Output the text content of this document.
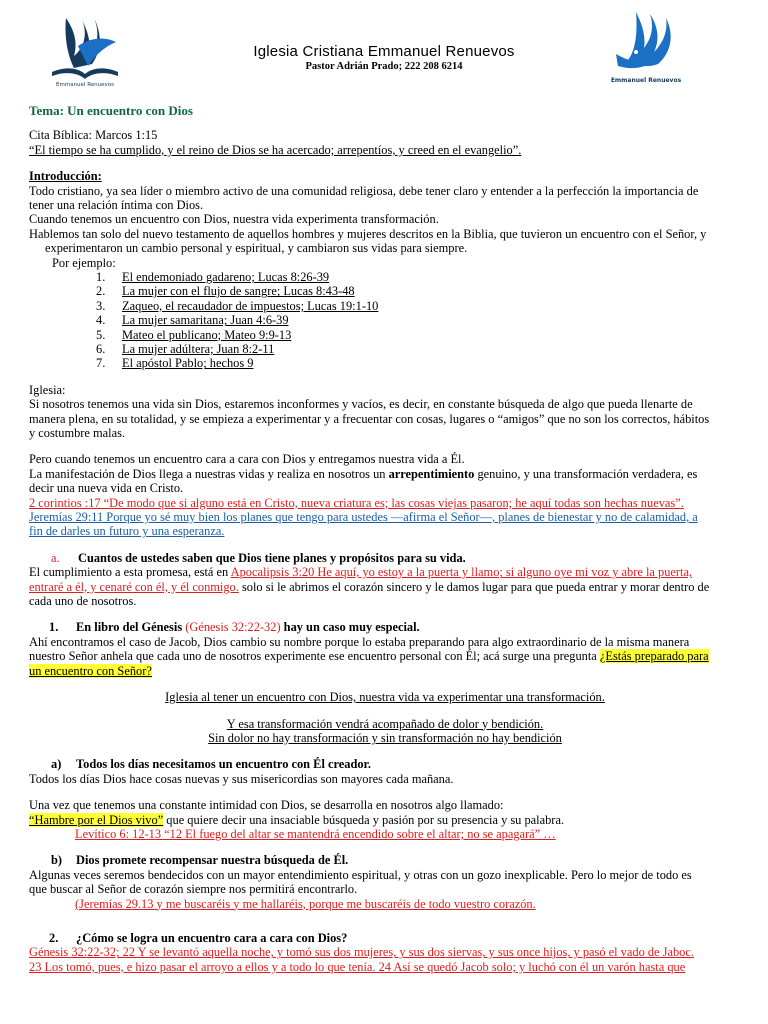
Emmanuel Renuevos
Iglesia Cristiana Emmanuel Renuevos
Pastor Adrián Prado; 222 208 6214
Emmanuel Renuevos
Tema: Un encuentro con Dios

Cita Bíblica: Marcos 1:15

“El tiempo se ha cumplido, y el reino de Dios se ha acercado; arrepentíos, y creed en el evangelio”.

Introducción:

Todo cristiano, ya sea líder o miembro activo de una comunidad religiosa, debe tener claro y entender a la perfección la importancia de

tener una relación íntima con Dios.

Cuando tenemos un encuentro con Dios, nuestra vida experimenta transformación.

Hablemos tan solo del nuevo testamento de aquellos hombres y mujeres descritos en la Biblia, que tuvieron un encuentro con el Señor, y

experimentaron un cambio personal y espiritual, y cambiaron sus vidas para siempre.

Por ejemplo:

1. El endemoniado gadareno; Lucas 8:26-39
2. La mujer con el flujo de sangre; Lucas 8:43-48
3. Zaqueo, el recaudador de impuestos; Lucas 19:1-10
4. La mujer samaritana; Juan 4:6-39
5. Mateo el publicano; Mateo 9:9-13
6. La mujer adúltera; Juan 8:2-11
7. El apóstol Pablo; hechos 9

Iglesia:

Si nosotros tenemos una vida sin Dios, estaremos inconformes y vacíos, es decir, en constante búsqueda de algo que pueda llenarte de

manera plena, en su totalidad, y se empieza a experimentar y a frecuentar con cosas, lugares o “amigos” que no son los correctos, hábitos

y costumbre malas.

Pero cuando tenemos un encuentro cara a cara con Dios y entregamos nuestra vida a Él.

La manifestación de Dios llega a nuestras vidas y realiza en nosotros un arrepentimiento genuino, y una transformación verdadera, es

decir una nueva vida en Cristo.

2 corintios :17 “De modo que si alguno está en Cristo, nueva criatura es; las cosas viejas pasaron; he aquí todas son hechas nuevas”.

Jeremías 29:11 Porque yo sé muy bien los planes que tengo para ustedes —afirma el Señor—, planes de bienestar y no de calamidad, a

fin de darles un futuro y una esperanza.

a. Cuantos de ustedes saben que Dios tiene planes y propósitos para su vida.

El cumplimiento a esta promesa, está en Apocalipsis 3:20 He aquí, yo estoy a la puerta y llamo; si alguno oye mi voz y abre la puerta,

entraré a él, y cenaré con él, y él conmigo. solo si le abrimos el corazón sincero y le damos lugar para que pueda entrar y morar dentro de

cada uno de nosotros.

1. En libro del Génesis (Génesis 32:22-32) hay un caso muy especial.

Ahí encontramos el caso de Jacob, Dios cambio su nombre porque lo estaba preparando para algo extraordinario de la misma manera

nuestro Señor anhela que cada uno de nosotros experimente ese encuentro personal con Él; acá surge una pregunta ¿Estás preparado para

un encuentro con Señor?

Iglesia al tener un encuentro con Dios, nuestra vida va experimentar una transformación.

Y esa transformación vendrá acompañado de dolor y bendición.

Sin dolor no hay transformación y sin transformación no hay bendición

a) Todos los días necesitamos un encuentro con Él creador.

Todos los días Dios hace cosas nuevas y sus misericordias son mayores cada mañana.

Una vez que tenemos una constante intimidad con Dios, se desarrolla en nosotros algo llamado:

“Hambre por el Dios vivo” que quiere decir una insaciable búsqueda y pasión por su presencia y su palabra.

Levítico 6: 12-13 “12 El fuego del altar se mantendrá encendido sobre el altar; no se apagará” …

b) Dios promete recompensar nuestra búsqueda de Él.

Algunas veces seremos bendecidos con un mayor entendimiento espiritual, y otras con un gozo inexplicable. Pero lo mejor de todo es

que buscar al Señor de corazón siempre nos permitirá encontrarlo.

(Jeremías 29.13 y me buscaréis y me hallaréis, porque me buscaréis de todo vuestro corazón.

2. ¿Cómo se logra un encuentro cara a cara con Dios?

Génesis 32:22-32; 22 Y se levantó aquella noche, y tomó sus dos mujeres, y sus dos siervas, y sus once hijos, y pasó el vado de Jaboc.

23 Los tomó, pues, e hizo pasar el arroyo a ellos y a todo lo que tenía. 24 Así se quedó Jacob solo; y luchó con él un varón hasta que
